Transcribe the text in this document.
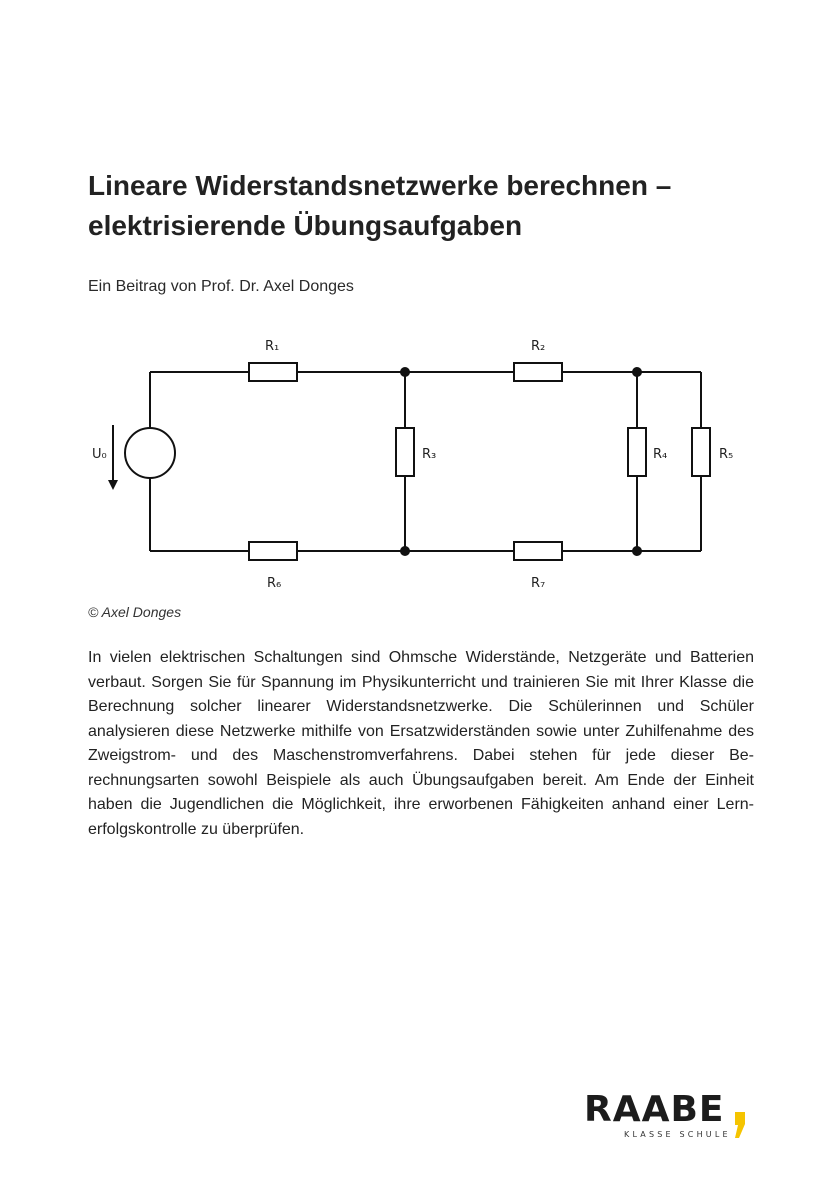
Lineare Widerstandsnetzwerke berechnen –
elektrisierende Übungsaufgaben
Ein Beitrag von Prof. Dr. Axel Donges
U₀
R₁	R₂
R₃	R₄	R₅
R₆	R₇
© Axel Donges

In vielen elektrischen Schaltungen sind Ohmsche Widerstände, Netzgeräte und Batterien verbaut. Sorgen Sie für Spannung im Physikunterricht und trainieren Sie mit Ihrer Klasse die Berechnung solcher linearer Widerstandsnetzwerke. Die Schülerinnen und Schüler analysieren diese Netzwerke mithilfe von Ersatzwiderständen sowie unter Zuhilfenahme des Zweigstrom- und des Maschenstromverfahrens. Dabei stehen für jede dieser Berechnungsarten sowohl Beispiele als auch Übungsaufgaben bereit. Am Ende der Einheit haben die Jugendlichen die Möglichkeit, ihre erworbenen Fähigkeiten anhand einer Lernerfolgskontrolle zu überprüfen.

RAABE
KLASSE SCHULE
